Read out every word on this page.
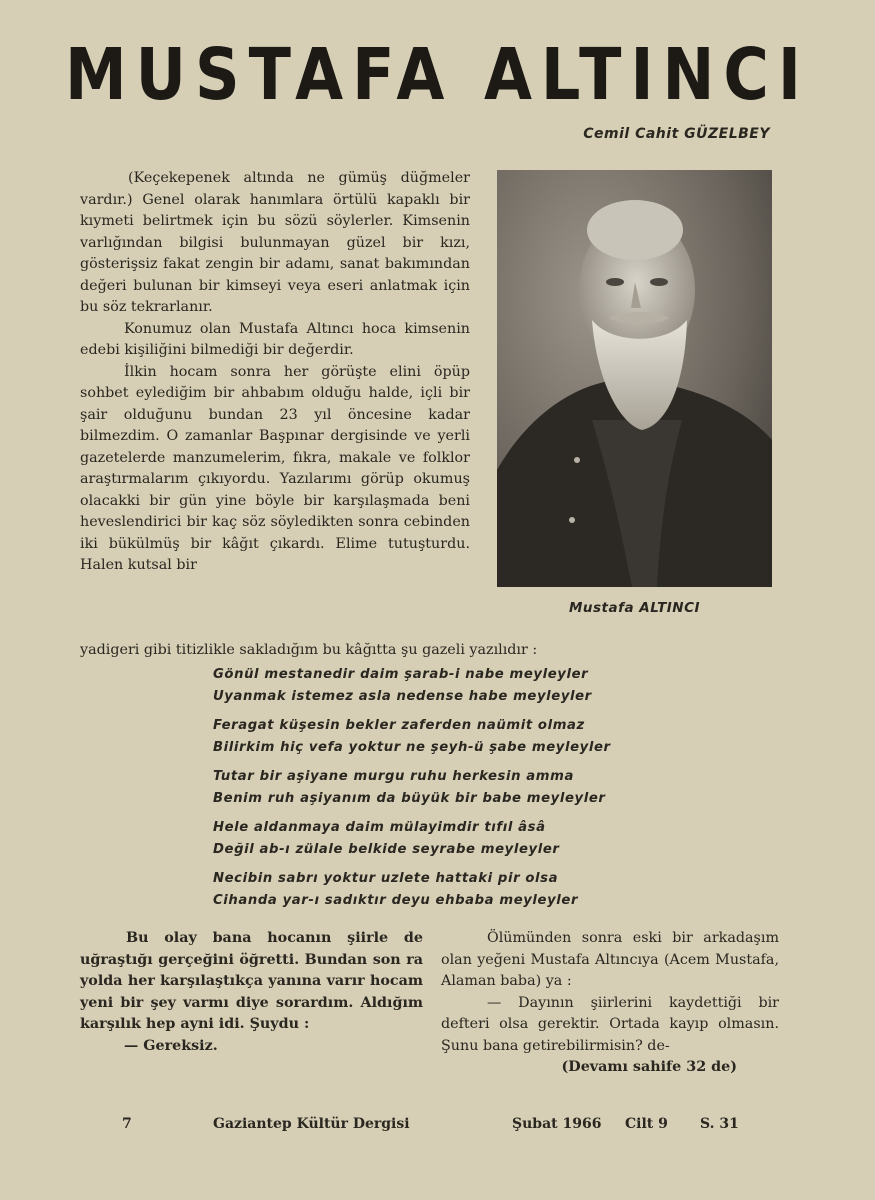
MUSTAFA ALTINCI
Cemil Cahit GÜZELBEY

(Keçekepenek altında ne gümüş düğmeler vardır.) Genel olarak hanımlara örtülü kapaklı bir kıymeti belirtmek için bu sözü söylerler. Kimsenin varlığından bilgisi bulunmayan güzel bir kızı, gösterişsiz fakat zengin bir adamı, sanat bakımından değeri bulunan bir kimseyi veya eseri anlatmak için bu söz tekrarlanır.

Konumuz olan Mustafa Altıncı hoca kimsenin edebi kişiliğini bilmediği bir değerdir.

İlkin hocam sonra her görüşte elini öpüp sohbet eylediğim bir ahbabım olduğu halde, içli bir şair olduğunu bundan 23 yıl öncesine kadar bilmezdim. O zamanlar Başpınar dergisinde ve yerli gazetelerde manzumelerim, fıkra, makale ve folklor araştırmalarım çıkıyordu. Yazılarımı görüp okumuş olacakki bir gün yine böyle bir karşılaşmada beni heveslendirici bir kaç söz söyledikten sonra cebinden iki bükülmüş bir kâğıt çıkardı. Elime tutuşturdu. Halen kutsal bir

yadigeri gibi titizlikle sakladığım bu kâğıtta şu gazeli yazılıdır :
Mustafa ALTINCI
Gönül mestanedir daim şarab-i nabe meyleyler
Uyanmak istemez asla nedense habe meyleyler
Feragat küşesin bekler zaferden naümit olmaz
Bilirkim hiç vefa yoktur ne şeyh-ü şabe meyleyler
Tutar bir aşiyane murgu ruhu herkesin amma
Benim ruh aşiyanım da büyük bir babe meyleyler
Hele aldanmaya daim mülayimdir tıfıl âsâ
Değil ab-ı zülale belkide seyrabe meyleyler
Necibin sabrı yoktur uzlete hattaki pir olsa
Cihanda yar-ı sadıktır deyu ehbaba meyleyler

Bu olay bana hocanın şiirle de uğraştığı gerçeğini öğretti. Bundan son ra yolda her karşılaştıkça yanına varır hocam yeni bir şey varmı diye sorardım. Aldığım karşılık hep ayni idi. Şuydu :

— Gereksiz.

Ölümünden sonra eski bir arkadaşım olan yeğeni Mustafa Altıncıya (Acem Mustafa, Alaman baba) ya :

— Dayının şiirlerini kaydettiği bir defteri olsa gerektir. Ortada kayıp olmasın. Şunu bana getirebilirmisin? de-

(Devamı sahife 32 de)

7	Gaziantep Kültür Dergisi	Şubat 1966 Cilt 9 S. 31
